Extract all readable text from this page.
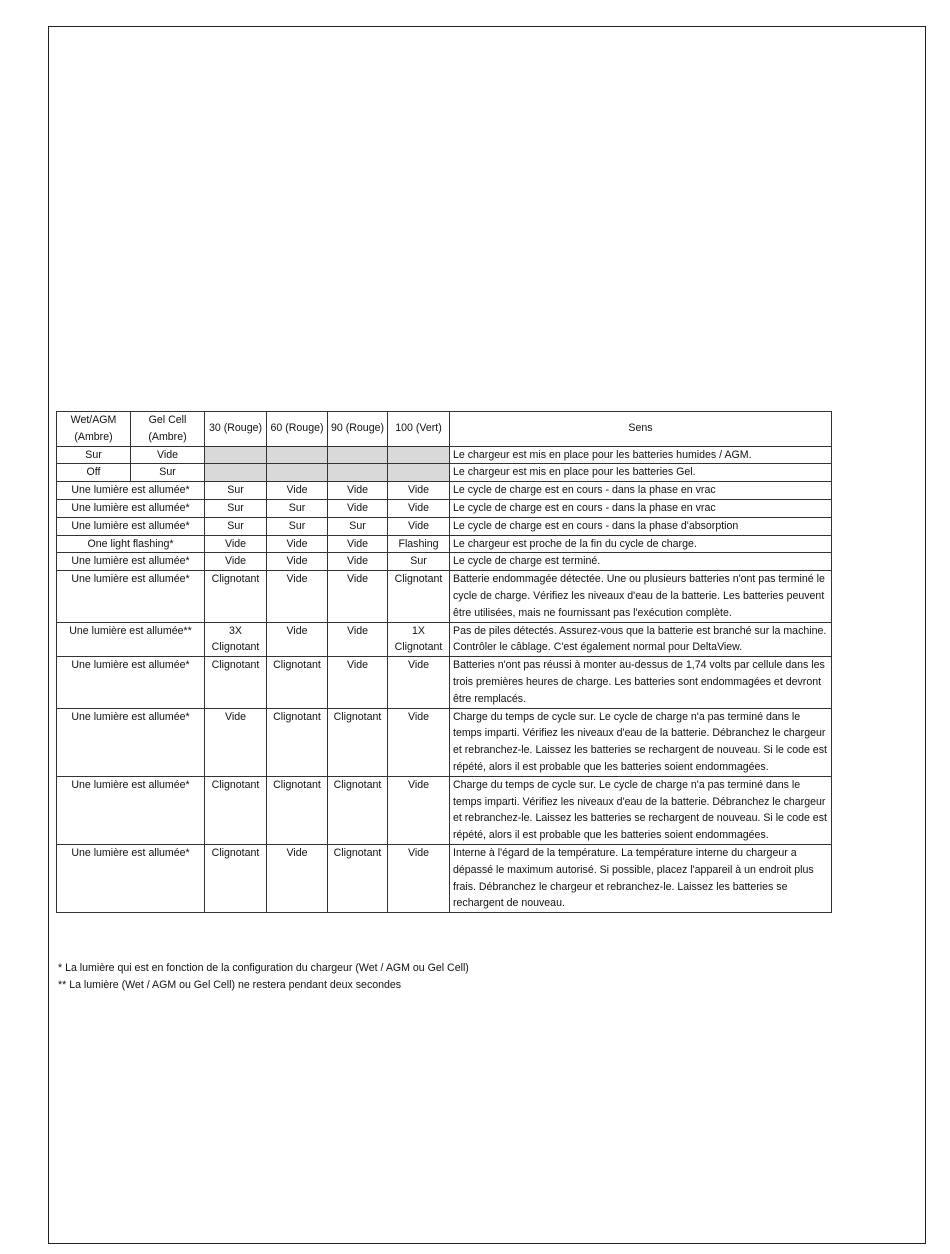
Wet/AGM (Ambre)	Gel Cell (Ambre)	30 (Rouge)	60 (Rouge)	90 (Rouge)	100 (Vert)	Sens
Sur	Vide					Le chargeur est mis en place pour les batteries humides / AGM.
Off	Sur					Le chargeur est mis en place pour les batteries Gel.
Une lumière est allumée*		Sur	Vide	Vide	Vide	Le cycle de charge est en cours - dans la phase en vrac
Une lumière est allumée*		Sur	Sur	Vide	Vide	Le cycle de charge est en cours - dans la phase en vrac
Une lumière est allumée*		Sur	Sur	Sur	Vide	Le cycle de charge est en cours - dans la phase d'absorption
One light flashing*		Vide	Vide	Vide	Flashing	Le chargeur est proche de la fin du cycle de charge.
Une lumière est allumée*		Vide	Vide	Vide	Sur	Le cycle de charge est terminé.
Une lumière est allumée*		Clignotant	Vide	Vide	Clignotant	Batterie endommagée détectée. Une ou plusieurs batteries n'ont pas terminé le cycle de charge. Vérifiez les niveaux d'eau de la batterie. Les batteries peuvent être utilisées, mais ne fournissant pas l'exécution complète.
Une lumière est allumée**		3X Clignotant	Vide	Vide	1X Clignotant	Pas de piles détectés. Assurez-vous que la batterie est branché sur la machine. Contrôler le câblage. C'est également normal pour DeltaView.
Une lumière est allumée*		Clignotant	Clignotant	Vide	Vide	Batteries n'ont pas réussi à monter au-dessus de 1,74 volts par cellule dans les trois premières heures de charge. Les batteries sont endommagées et devront être remplacés.
Une lumière est allumée*		Vide	Clignotant	Clignotant	Vide	Charge du temps de cycle sur. Le cycle de charge n'a pas terminé dans le temps imparti. Vérifiez les niveaux d'eau de la batterie. Débranchez le chargeur et rebranchez-le. Laissez les batteries se rechargent de nouveau. Si le code est répété, alors il est probable que les batteries soient endommagées.
Une lumière est allumée*		Clignotant	Clignotant	Clignotant	Vide	Charge du temps de cycle sur. Le cycle de charge n'a pas terminé dans le temps imparti. Vérifiez les niveaux d'eau de la batterie. Débranchez le chargeur et rebranchez-le. Laissez les batteries se rechargent de nouveau. Si le code est répété, alors il est probable que les batteries soient endommagées.
Une lumière est allumée*		Clignotant	Vide	Clignotant	Vide	Interne à l'égard de la température. La température interne du chargeur a dépassé le maximum autorisé. Si possible, placez l'appareil à un endroit plus frais. Débranchez le chargeur et rebranchez-le. Laissez les batteries se rechargent de nouveau.
* La lumière qui est en fonction de la configuration du chargeur (Wet / AGM ou Gel Cell)
** La lumière (Wet / AGM ou Gel Cell) ne restera pendant deux secondes
